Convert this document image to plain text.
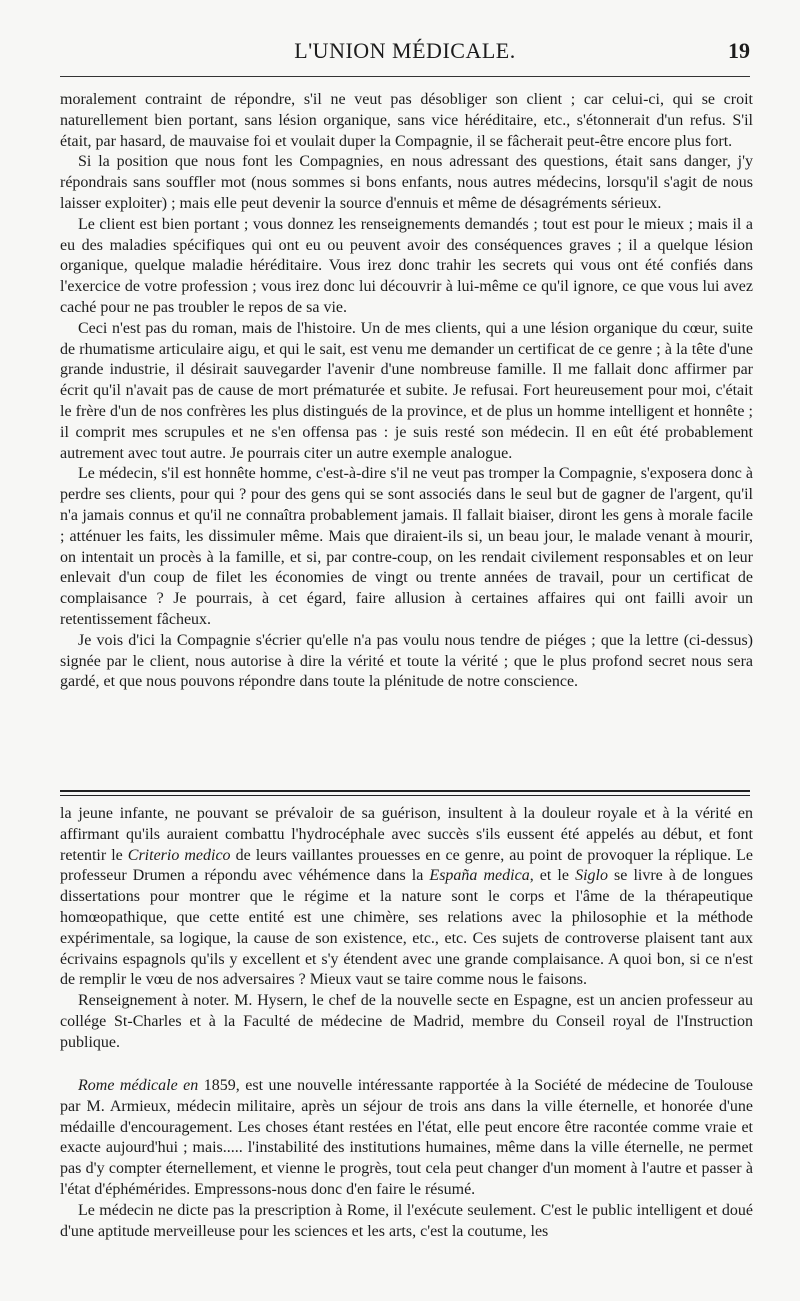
L'UNION MÉDICALE.	19

moralement contraint de répondre, s'il ne veut pas désobliger son client ; car celui-ci, qui se croit naturellement bien portant, sans lésion organique, sans vice héréditaire, etc., s'étonnerait d'un refus. S'il était, par hasard, de mauvaise foi et voulait duper la Compagnie, il se fâcherait peut-être encore plus fort.

Si la position que nous font les Compagnies, en nous adressant des questions, était sans danger, j'y répondrais sans souffler mot (nous sommes si bons enfants, nous autres médecins, lorsqu'il s'agit de nous laisser exploiter) ; mais elle peut devenir la source d'ennuis et même de désagréments sérieux.

Le client est bien portant ; vous donnez les renseignements demandés ; tout est pour le mieux ; mais il a eu des maladies spécifiques qui ont eu ou peuvent avoir des conséquences graves ; il a quelque lésion organique, quelque maladie héréditaire. Vous irez donc trahir les secrets qui vous ont été confiés dans l'exercice de votre profession ; vous irez donc lui découvrir à lui-même ce qu'il ignore, ce que vous lui avez caché pour ne pas troubler le repos de sa vie.

Ceci n'est pas du roman, mais de l'histoire. Un de mes clients, qui a une lésion organique du cœur, suite de rhumatisme articulaire aigu, et qui le sait, est venu me demander un certificat de ce genre ; à la tête d'une grande industrie, il désirait sauvegarder l'avenir d'une nombreuse famille. Il me fallait donc affirmer par écrit qu'il n'avait pas de cause de mort prématurée et subite. Je refusai. Fort heureusement pour moi, c'était le frère d'un de nos confrères les plus distingués de la province, et de plus un homme intelligent et honnête ; il comprit mes scrupules et ne s'en offensa pas : je suis resté son médecin. Il en eût été probablement autrement avec tout autre. Je pourrais citer un autre exemple analogue.

Le médecin, s'il est honnête homme, c'est-à-dire s'il ne veut pas tromper la Compagnie, s'exposera donc à perdre ses clients, pour qui ? pour des gens qui se sont associés dans le seul but de gagner de l'argent, qu'il n'a jamais connus et qu'il ne connaîtra probablement jamais. Il fallait biaiser, diront les gens à morale facile ; atténuer les faits, les dissimuler même. Mais que diraient-ils si, un beau jour, le malade venant à mourir, on intentait un procès à la famille, et si, par contre-coup, on les rendait civilement responsables et on leur enlevait d'un coup de filet les économies de vingt ou trente années de travail, pour un certificat de complaisance ? Je pourrais, à cet égard, faire allusion à certaines affaires qui ont failli avoir un retentissement fâcheux.

Je vois d'ici la Compagnie s'écrier qu'elle n'a pas voulu nous tendre de piéges ; que la lettre (ci-dessus) signée par le client, nous autorise à dire la vérité et toute la vérité ; que le plus profond secret nous sera gardé, et que nous pouvons répondre dans toute la plénitude de notre conscience.

la jeune infante, ne pouvant se prévaloir de sa guérison, insultent à la douleur royale et à la vérité en affirmant qu'ils auraient combattu l'hydrocéphale avec succès s'ils eussent été appelés au début, et font retentir le Criterio medico de leurs vaillantes prouesses en ce genre, au point de provoquer la réplique. Le professeur Drumen a répondu avec véhémence dans la España medica, et le Siglo se livre à de longues dissertations pour montrer que le régime et la nature sont le corps et l'âme de la thérapeutique homœopathique, que cette entité est une chimère, ses relations avec la philosophie et la méthode expérimentale, sa logique, la cause de son existence, etc., etc. Ces sujets de controverse plaisent tant aux écrivains espagnols qu'ils y excellent et s'y étendent avec une grande complaisance. A quoi bon, si ce n'est de remplir le vœu de nos adversaires ? Mieux vaut se taire comme nous le faisons.

Renseignement à noter. M. Hysern, le chef de la nouvelle secte en Espagne, est un ancien professeur au collége St-Charles et à la Faculté de médecine de Madrid, membre du Conseil royal de l'Instruction publique.

Rome médicale en 1859, est une nouvelle intéressante rapportée à la Société de médecine de Toulouse par M. Armieux, médecin militaire, après un séjour de trois ans dans la ville éternelle, et honorée d'une médaille d'encouragement. Les choses étant restées en l'état, elle peut encore être racontée comme vraie et exacte aujourd'hui ; mais..... l'instabilité des institutions humaines, même dans la ville éternelle, ne permet pas d'y compter éternellement, et vienne le progrès, tout cela peut changer d'un moment à l'autre et passer à l'état d'éphémérides. Empressons-nous donc d'en faire le résumé.

Le médecin ne dicte pas la prescription à Rome, il l'exécute seulement. C'est le public intelligent et doué d'une aptitude merveilleuse pour les sciences et les arts, c'est la coutume, les
